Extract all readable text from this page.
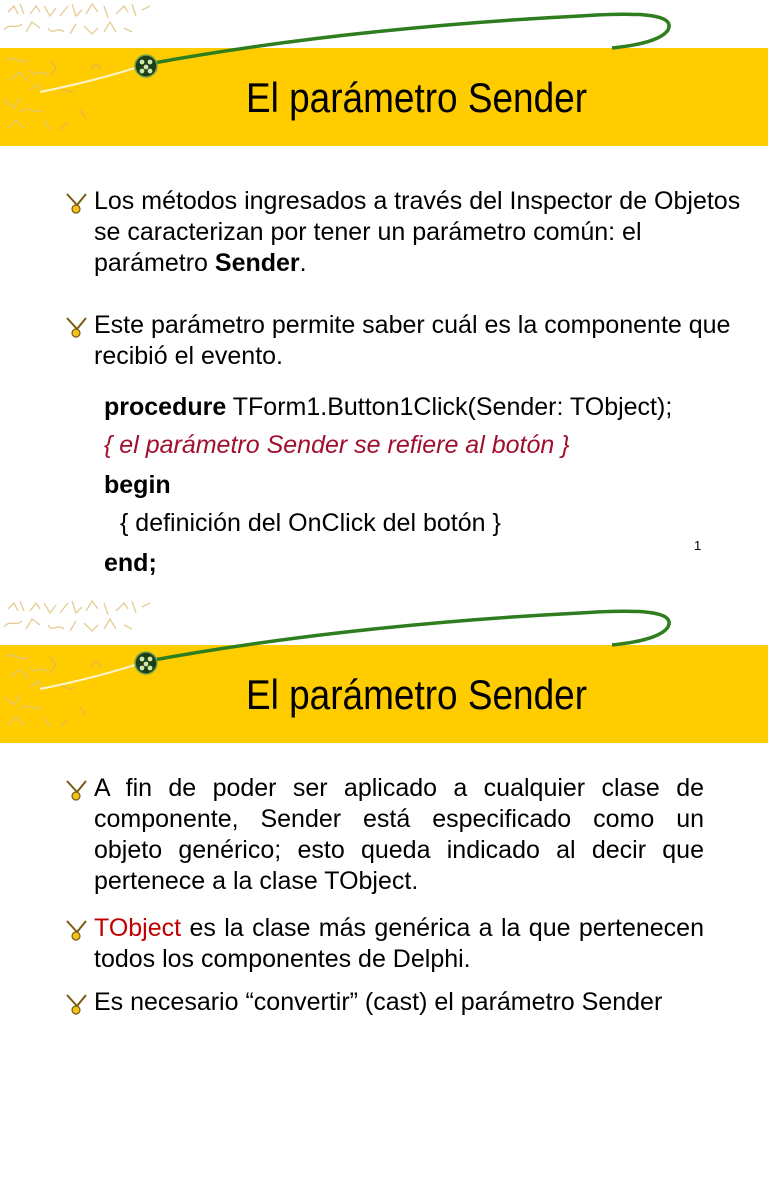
El parámetro Sender
Los métodos ingresados a través del Inspector de Objetos se caracterizan por tener un parámetro común: el parámetro Sender.
Este parámetro permite saber cuál es la componente que recibió el evento.
procedure TForm1.Button1Click(Sender: TObject);
{ el parámetro Sender se refiere al botón }
begin
{ definición del OnClick del botón }
end;
1
El parámetro Sender
A fin de poder ser aplicado a cualquier clase de componente, Sender está especificado como un objeto genérico; esto queda indicado al decir que pertenece a la clase TObject.
TObject es la clase más genérica a la que pertenecen todos los componentes de Delphi.
Es necesario “convertir” (cast) el parámetro Sender
